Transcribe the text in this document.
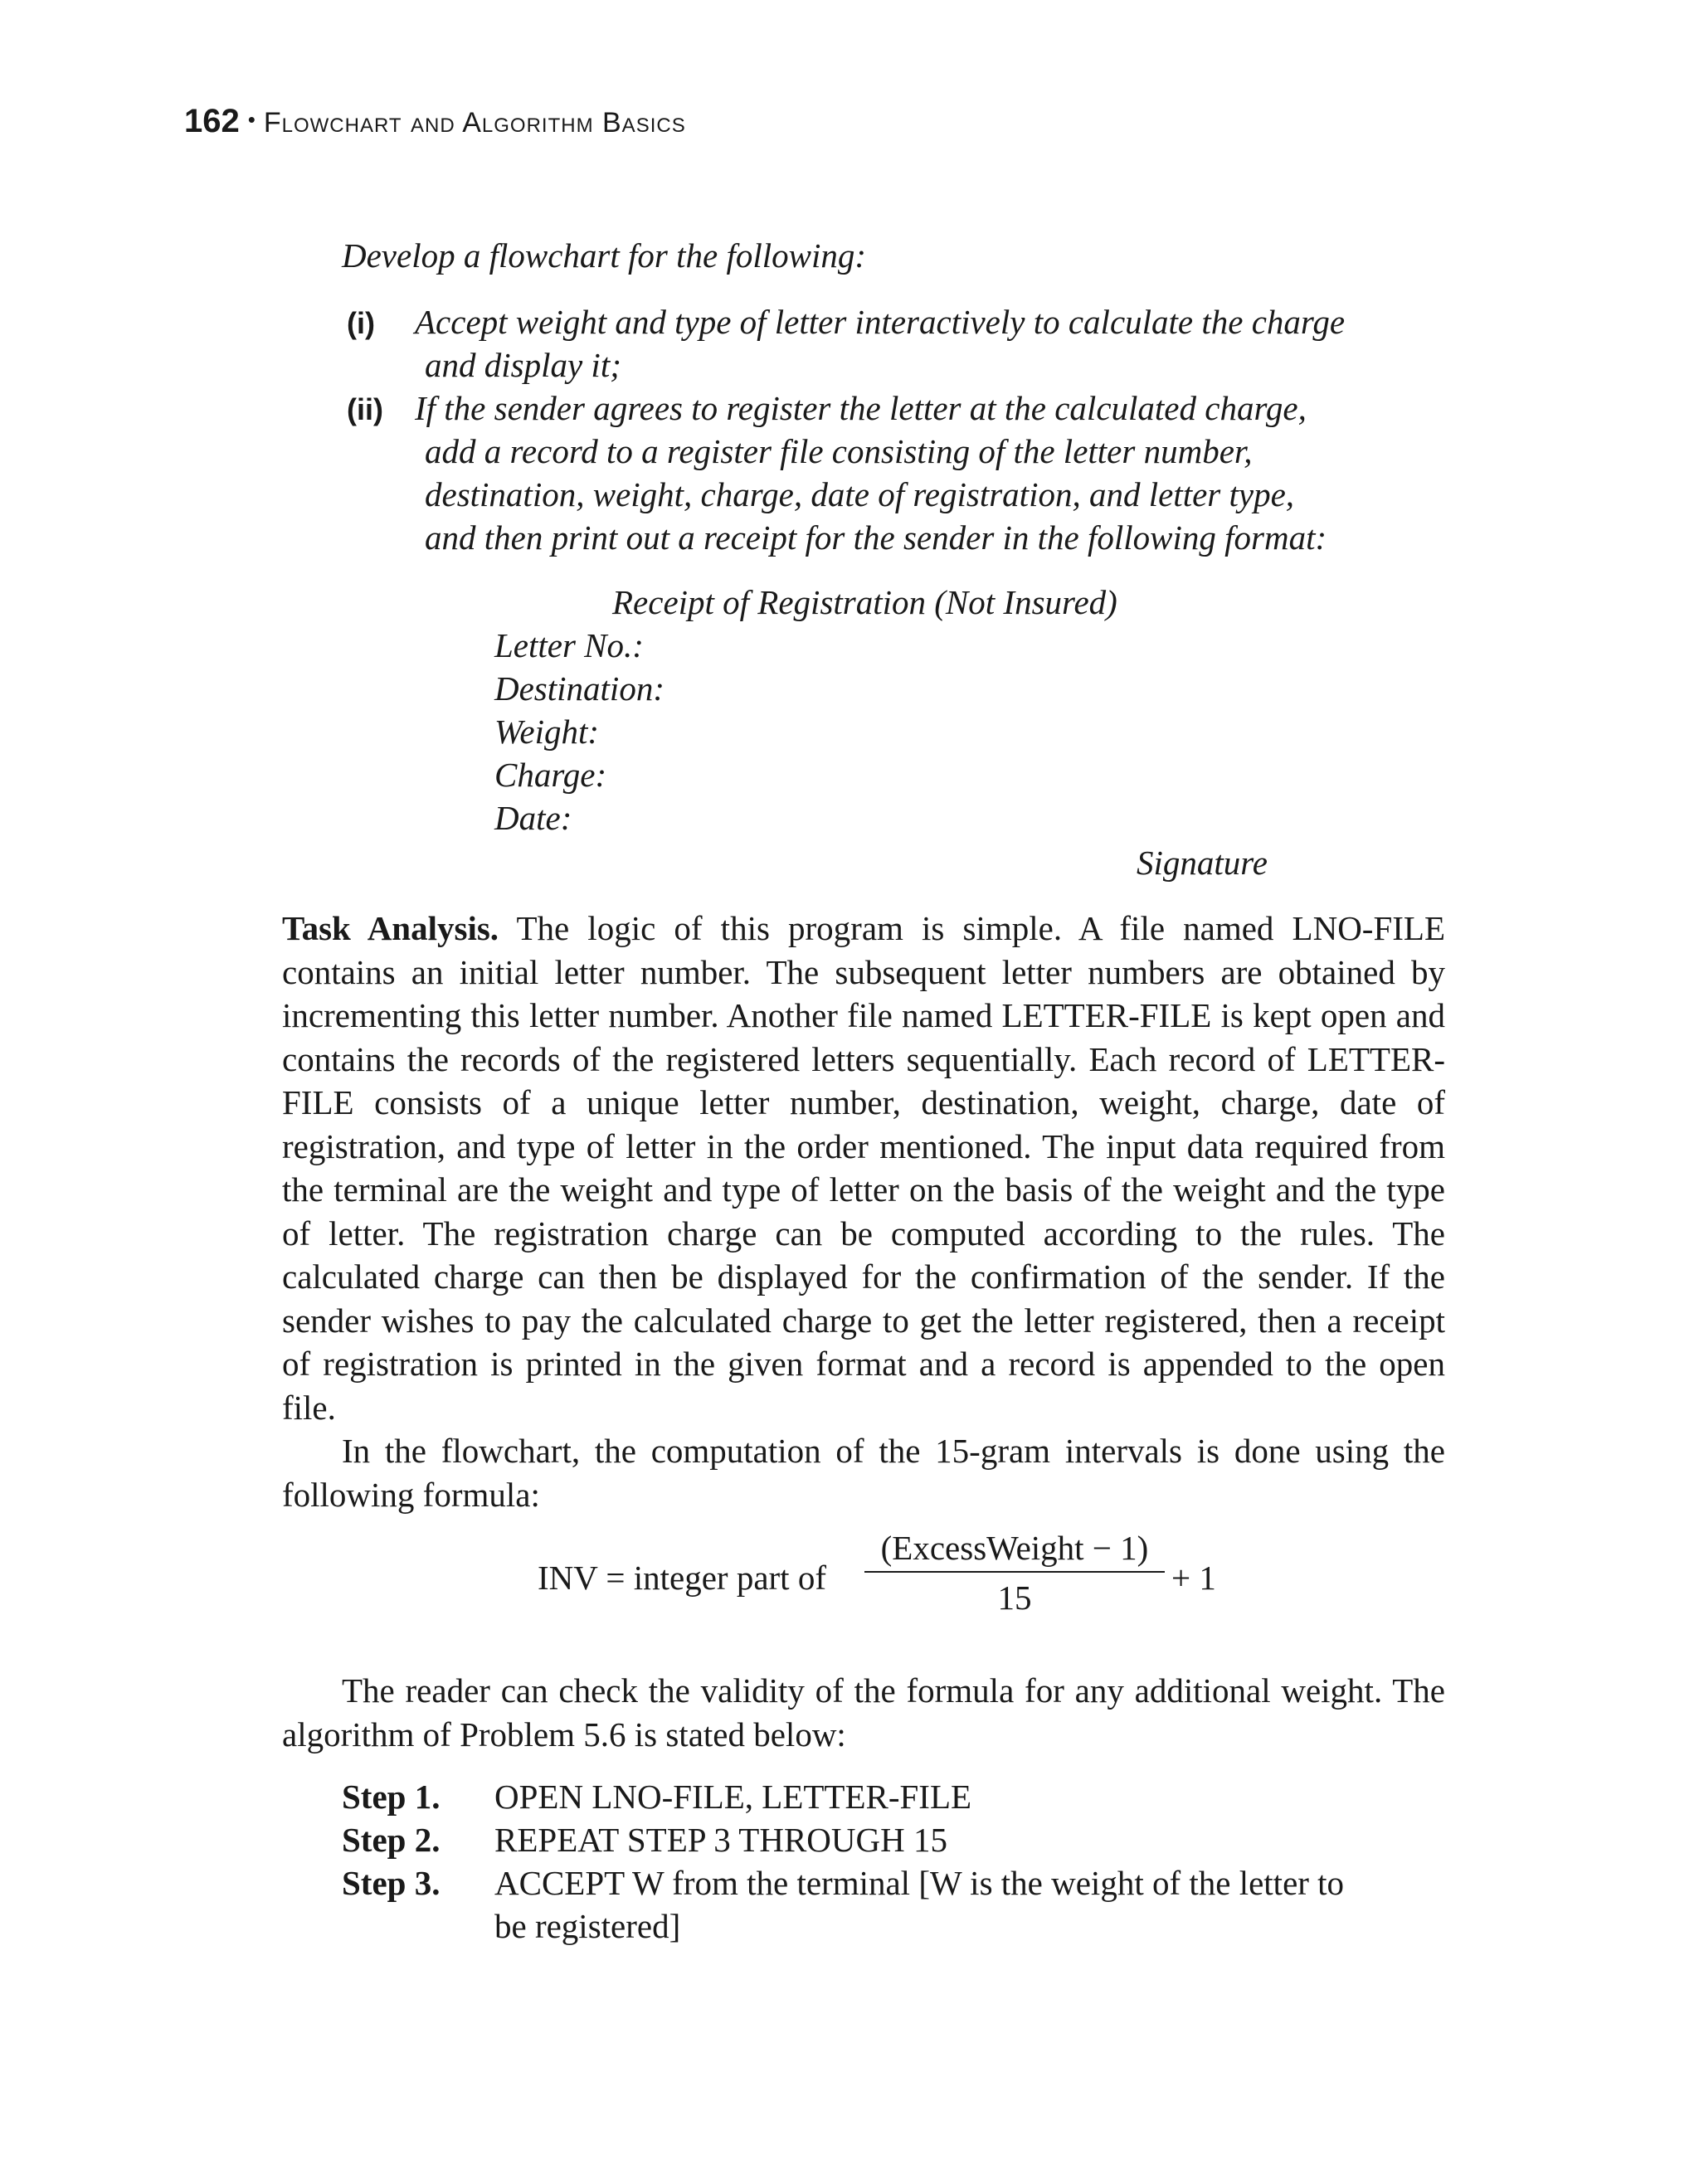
162 • Flowchart and Algorithm Basics
Develop a flowchart for the following:
(i) Accept weight and type of letter interactively to calculate the charge
and display it;
(ii) If the sender agrees to register the letter at the calculated charge,
add a record to a register file consisting of the letter number,
destination, weight, charge, date of registration, and letter type,
and then print out a receipt for the sender in the following format:
Receipt of Registration (Not Insured)
Letter No.:
Destination:
Weight:
Charge:
Date:
Signature
Task Analysis. The logic of this program is simple. A file named LNO-FILE contains an initial letter number. The subsequent letter numbers are obtained by incrementing this letter number. Another file named LETTER-FILE is kept open and contains the records of the registered letters sequentially. Each record of LETTER-FILE consists of a unique letter number, destination, weight, charge, date of registration, and type of letter in the order mentioned. The input data required from the terminal are the weight and type of letter on the basis of the weight and the type of letter. The registration charge can be computed according to the rules. The calculated charge can then be displayed for the confirmation of the sender. If the sender wishes to pay the calculated charge to get the letter registered, then a receipt of registration is printed in the given format and a record is appended to the open file.
In the flowchart, the computation of the 15-gram intervals is done using the following formula:
INV = integer part of
(ExcessWeight − 1)
15
+ 1
The reader can check the validity of the formula for any additional weight. The algorithm of Problem 5.6 is stated below:
Step 1. OPEN LNO-FILE, LETTER-FILE
Step 2. REPEAT STEP 3 THROUGH 15
Step 3. ACCEPT W from the terminal [W is the weight of the letter to
be registered]
